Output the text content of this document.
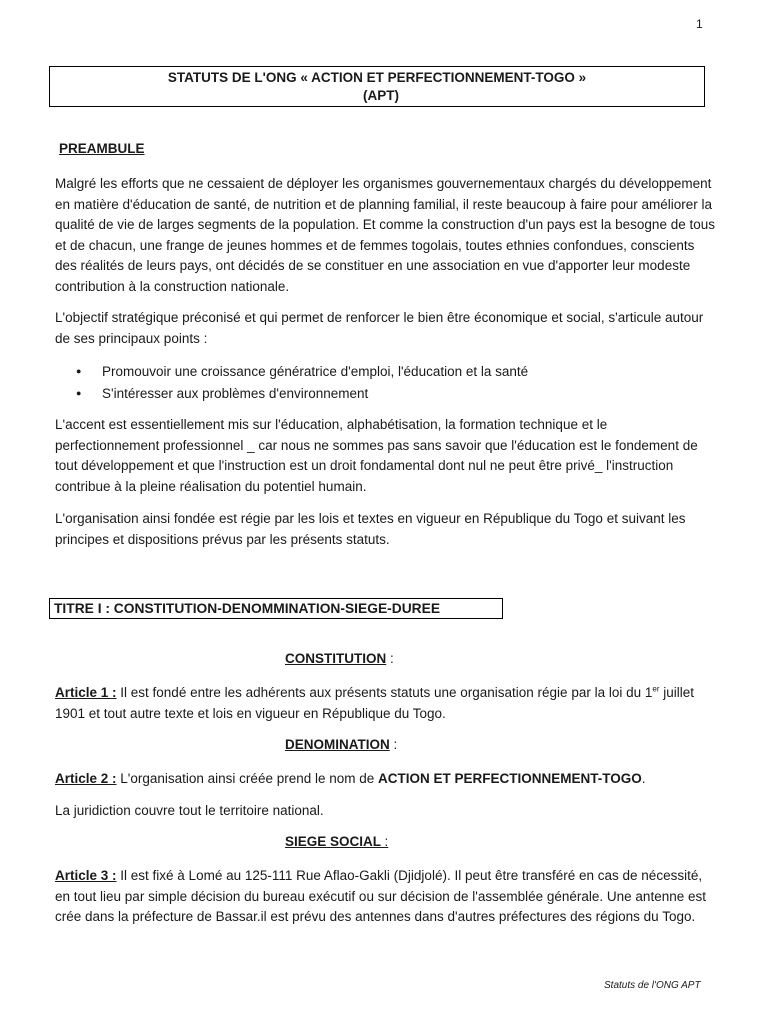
1
STATUTS DE L'ONG « ACTION ET PERFECTIONNEMENT-TOGO »
(APT)
PREAMBULE

Malgré les efforts que ne cessaient de déployer les organismes gouvernementaux chargés du développement en matière d'éducation de santé, de nutrition et de planning familial, il reste beaucoup à faire pour améliorer la qualité de vie de larges segments de la population. Et comme la construction d'un pays est la besogne de tous et de chacun, une frange de jeunes hommes et de femmes togolais, toutes ethnies confondues, conscients des réalités de leurs pays, ont décidés de se constituer en une association en vue d'apporter leur modeste contribution à la construction nationale.

L'objectif stratégique préconisé et qui permet de renforcer le bien être économique et social, s'articule autour de ses principaux points :

● Promouvoir une croissance génératrice d'emploi, l'éducation et la santé
● S'intéresser aux problèmes d'environnement

L'accent est essentiellement mis sur l'éducation, alphabétisation, la formation technique et le perfectionnement professionnel _ car nous ne sommes pas sans savoir que l'éducation est le fondement de tout développement et que l'instruction est un droit fondamental dont nul ne peut être privé_ l'instruction contribue à la pleine réalisation du potentiel humain.

L'organisation ainsi fondée est régie par les lois et textes en vigueur en République du Togo et suivant les principes et dispositions prévus par les présents statuts.

TITRE I : CONSTITUTION-DENOMMINATION-SIEGE-DUREE
CONSTITUTION :

Article 1 : Il est fondé entre les adhérents aux présents statuts une organisation régie par la loi du 1er juillet 1901 et tout autre texte et lois en vigueur en République du Togo.

DENOMINATION :

Article 2 : L'organisation ainsi créée prend le nom de ACTION ET PERFECTIONNEMENT-TOGO.

La juridiction couvre tout le territoire national.

SIEGE SOCIAL :

Article 3 : Il est fixé à Lomé au 125-111 Rue Aflao-Gakli (Djidjolé). Il peut être transféré en cas de nécessité, en tout lieu par simple décision du bureau exécutif ou sur décision de l'assemblée générale. Une antenne est crée dans la préfecture de Bassar.il est prévu des antennes dans d'autres préfectures des régions du Togo.

Statuts de l'ONG APT
